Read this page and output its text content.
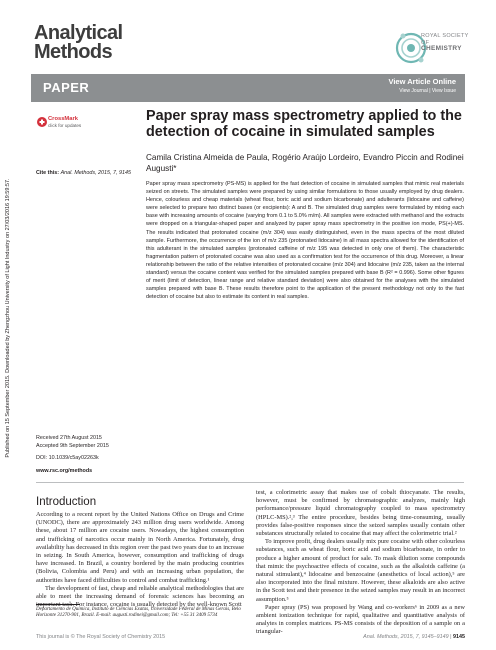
Analytical
Methods
ROYAL SOCIETY
OF
CHEMISTRY
PAPER	View Article Online
View Journal | View Issue
Published on 15 September 2015. Downloaded by Zhengzhou University of Light Industry on 27/03/2016 19:59:57.
CrossMark
click for updates
Cite this: Anal. Methods, 2015, 7, 9145
Paper spray mass spectrometry applied to the detection of cocaine in simulated samples
Camila Cristina Almeida de Paula, Rogério Araújo Lordeiro, Evandro Piccin and Rodinei Augusti*
Paper spray mass spectrometry (PS-MS) is applied for the fast detection of cocaine in simulated samples that mimic real materials seized on streets. The simulated samples were prepared by using similar formulations to those usually employed by drug dealers. Hence, colourless and cheap materials (wheat flour, boric acid and sodium bicarbonate) and adulterants (lidocaine and caffeine) were selected to prepare two distinct bases (or excipients): A and B. The simulated drug samples were formulated by mixing each base with increasing amounts of cocaine (varying from 0.1 to 5.0% m/m). All samples were extracted with methanol and the extracts were dropped on a triangular-shaped paper and analyzed by paper spray mass spectrometry in the positive ion mode, PS(+)-MS. The results indicated that protonated cocaine (m/z 304) was easily distinguished, even in the mass spectra of the most diluted sample. Furthermore, the occurrence of the ion of m/z 235 (protonated lidocaine) in all mass spectra allowed for the identification of this adulterant in the simulated samples (protonated caffeine of m/z 195 was detected in only one of them). The characteristic fragmentation pattern of protonated cocaine was also used as a confirmation test for the occurrence of this drug. Moreover, a linear relationship between the ratio of the relative intensities of protonated cocaine (m/z 304) and lidocaine (m/z 235, taken as the internal standard) versus the cocaine content was verified for the simulated samples prepared with base B (R² = 0.996). Some other figures of merit (limit of detection, linear range and relative standard deviation) were also obtained for the analyses with the simulated samples prepared with base B. These results therefore point to the application of the present methodology not only to the fast detection of cocaine but also to estimate its content in real samples.
Received 27th August 2015
Accepted 9th September 2015
DOI: 10.1039/c5ay02263k
www.rsc.org/methods
Introduction

According to a recent report by the United Nations Office on Drugs and Crime (UNODC), there are approximately 243 million drug users worldwide. Among these, about 17 million are cocaine users. Nowadays, the highest consumption and trafficking of narcotics occur mainly in North America. Fortunately, drug availability has decreased in this region over the past two years due to an increase in seizing. In South America, however, consumption and trafficking of drugs have increased. In Brazil, a country bordered by the main producing countries (Bolivia, Colombia and Peru) and with an increasing urban population, the authorities have faced difficulties to control and combat trafficking.¹

The development of fast, cheap and reliable analytical methodologies that are able to meet the increasing demand of forensic sciences has becoming an important task. For instance, cocaine is usually detected by the well-known Scott

test, a colorimetric assay that makes use of cobalt thiocyanate. The results, however, must be confirmed by chromatographic analyzes, mainly high performance/pressure liquid chromatography coupled to mass spectrometry (HPLC-MS).²,³ The entire procedure, besides being time-consuming, usually provides false-positive responses since the seized samples usually contain other substances structurally related to cocaine that may affect the colorimetric trial.²

To improve profit, drug dealers usually mix pure cocaine with other colourless substances, such as wheat flour, boric acid and sodium bicarbonate, in order to produce a higher amount of product for sale. To mask dilution some compounds that mimic the psychoactive effects of cocaine, such as the alkaloids caffeine (a natural stimulant),⁴ lidocaine and benzocaine (anesthetics of local action),⁵ are also incorporated into the final mixture. However, these alkaloids are also active in the Scott test and their presence in the seized samples may result in an incorrect assumption.⁵

Paper spray (PS) was proposed by Wang and co-workers⁶ in 2009 as a new ambient ionization technique for rapid, qualitative and quantitative analysis of analytes in complex matrices. PS-MS consists of the deposition of a sample on a triangular-

Departamento de Química, Instituto de Ciências Exatas, Universidade Federal de Minas Gerais, Belo Horizonte 31270-901, Brazil. E-mail: augusti.rodinei@gmail.com; Tel: +55 31 3409 5734
This journal is © The Royal Society of Chemistry 2015	Anal. Methods, 2015, 7, 9145–9149 | 9145
